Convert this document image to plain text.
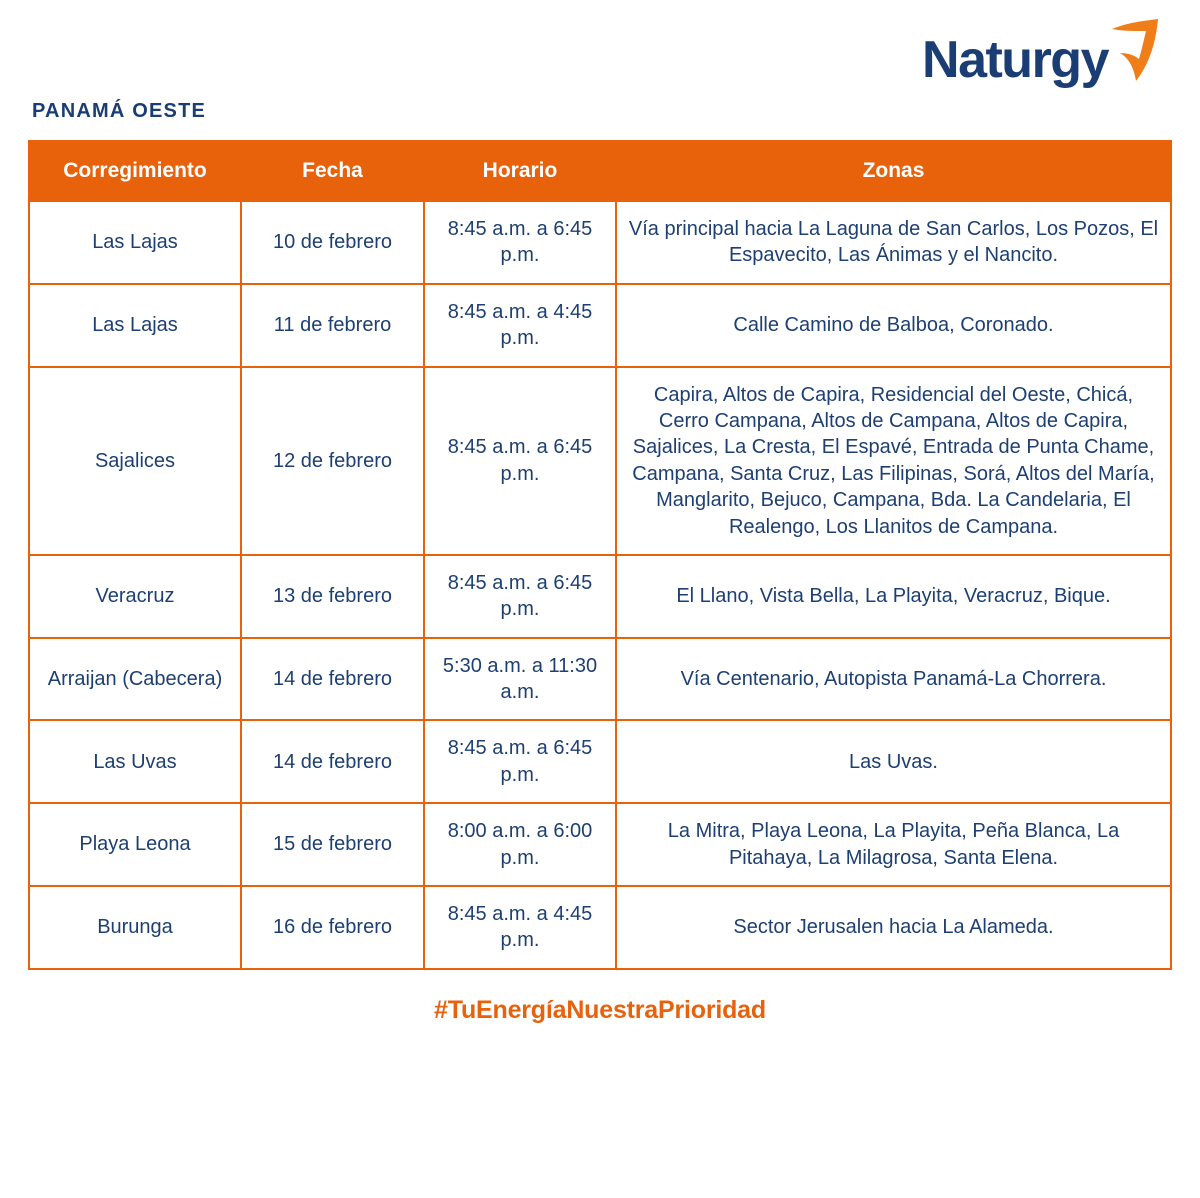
PANAMÁ OESTE
Naturgy
Corregimiento	Fecha	Horario	Zonas
Las Lajas	10 de febrero	8:45 a.m. a 6:45 p.m.	Vía principal hacia La Laguna de San Carlos, Los Pozos, El Espavecito, Las Ánimas y el Nancito.
Las Lajas	11 de febrero	8:45 a.m. a 4:45 p.m.	Calle Camino de Balboa, Coronado.
Sajalices	12 de febrero	8:45 a.m. a 6:45 p.m.	Capira, Altos de Capira, Residencial del Oeste, Chicá, Cerro Campana, Altos de Campana, Altos de Capira, Sajalices, La Cresta, El Espavé, Entrada de Punta Chame, Campana, Santa Cruz, Las Filipinas, Sorá, Altos del María, Manglarito, Bejuco, Campana, Bda. La Candelaria, El Realengo, Los Llanitos de Campana.
Veracruz	13 de febrero	8:45 a.m. a 6:45 p.m.	El Llano, Vista Bella, La Playita, Veracruz, Bique.
Arraijan (Cabecera)	14 de febrero	5:30 a.m. a 11:30 a.m.	Vía Centenario, Autopista Panamá-La Chorrera.
Las Uvas	14 de febrero	8:45 a.m. a 6:45 p.m.	Las Uvas.
Playa Leona	15 de febrero	8:00 a.m. a 6:00 p.m.	La Mitra, Playa Leona, La Playita, Peña Blanca, La Pitahaya, La Milagrosa, Santa Elena.
Burunga	16 de febrero	8:45 a.m. a 4:45 p.m.	Sector Jerusalen hacia La Alameda.
#TuEnergíaNuestraPrioridad
